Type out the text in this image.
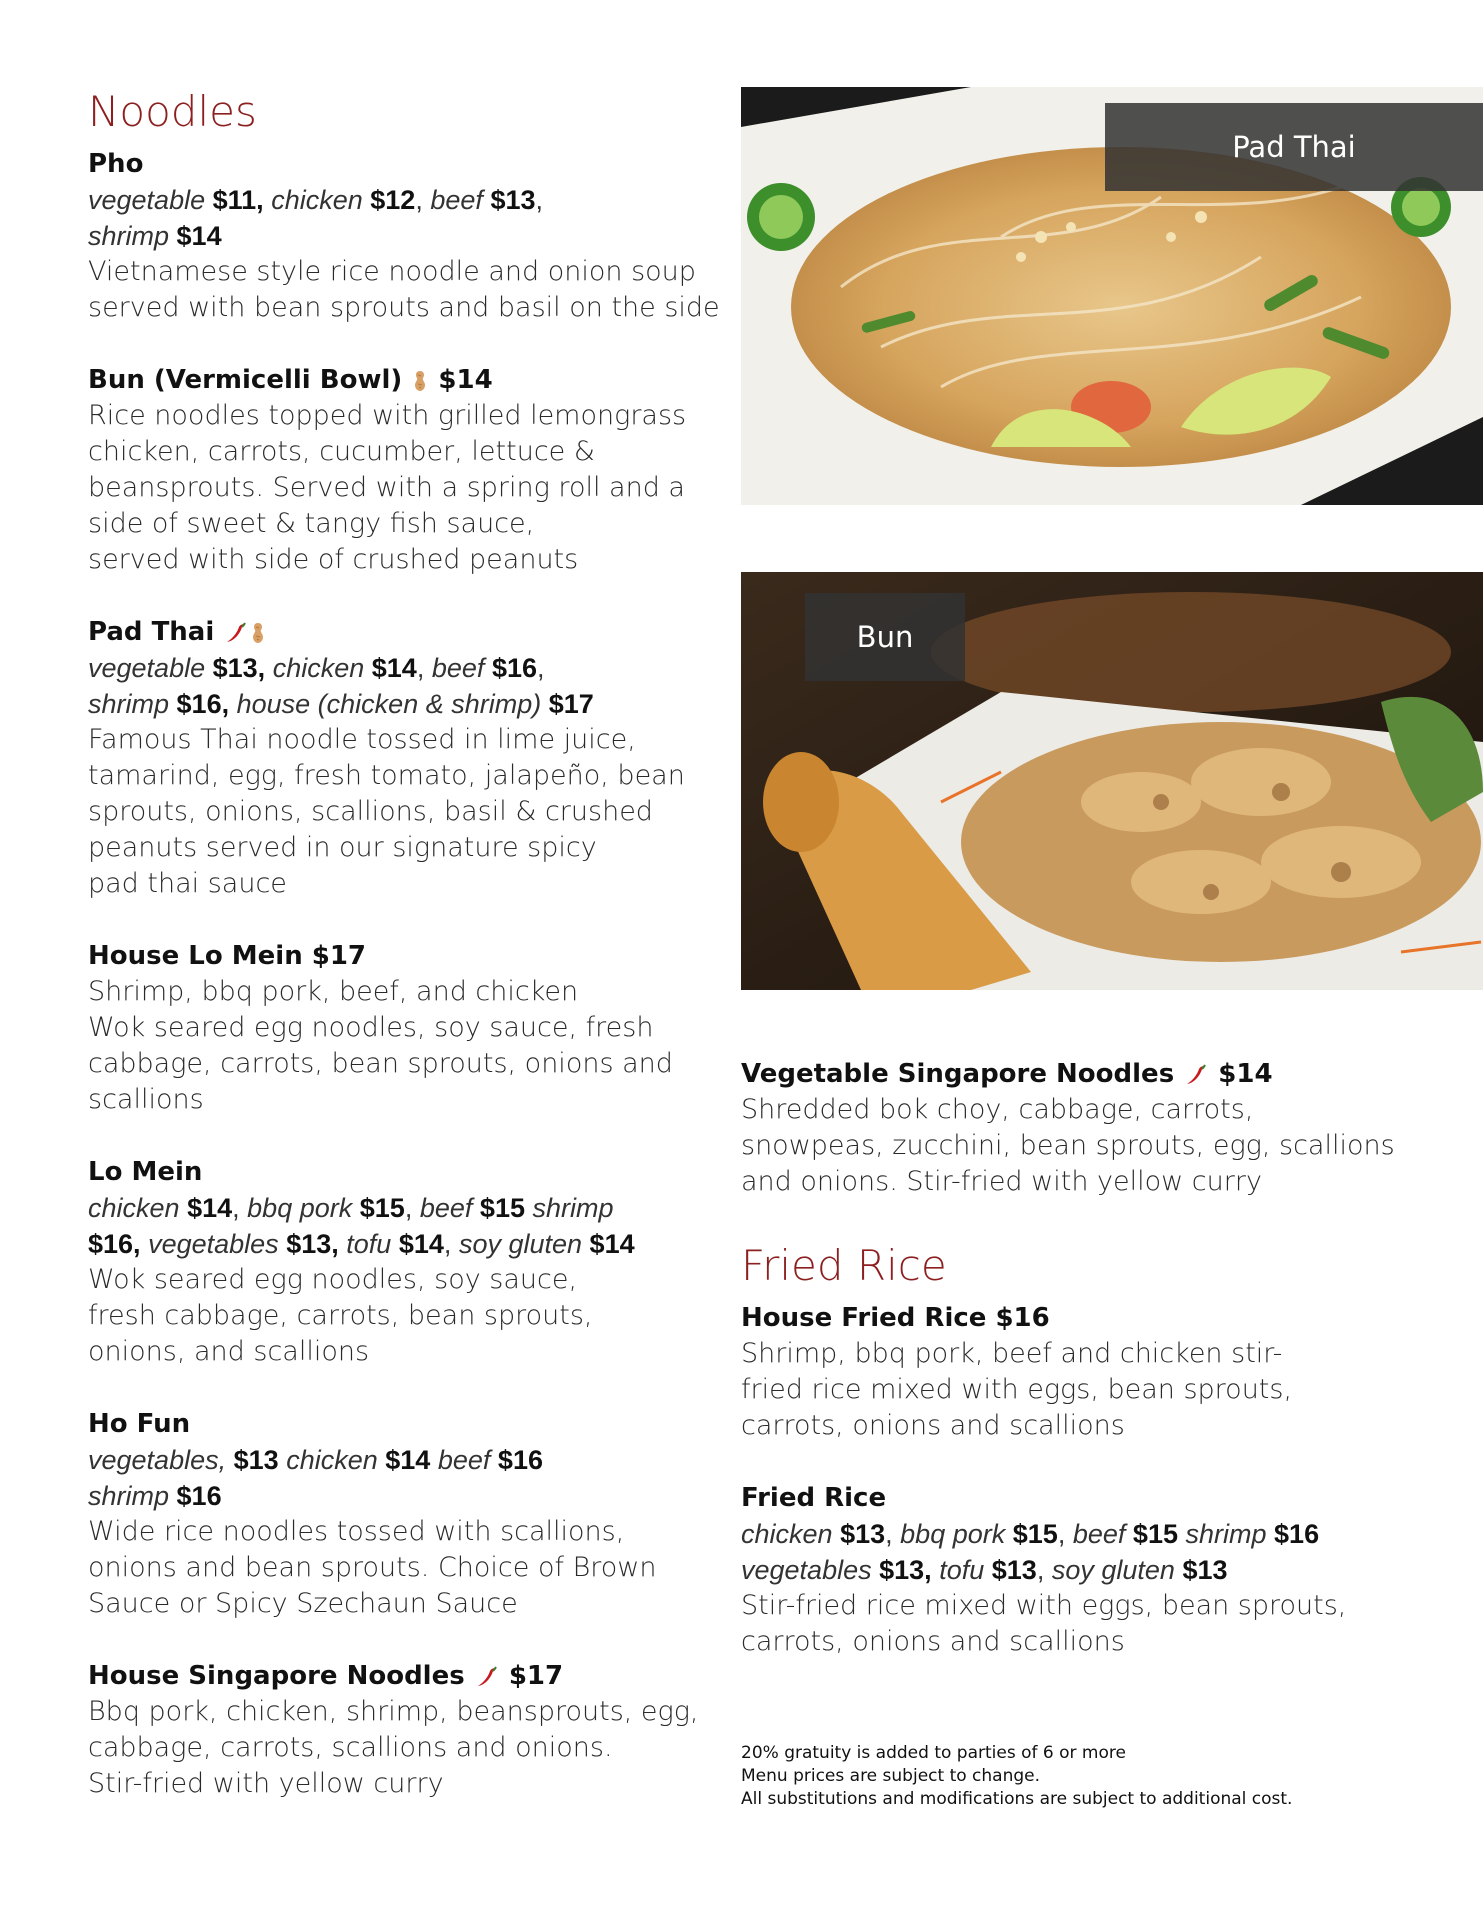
Noodles
Pho
vegetable $11, chicken $12, beef $13,
shrimp $14
Vietnamese style rice noodle and onion soup
served with bean sprouts and basil on the side
Bun (Vermicelli Bowl) $14
Rice noodles topped with grilled lemongrass
chicken, carrots, cucumber, lettuce &
beansprouts. Served with a spring roll and a
side of sweet & tangy fish sauce,
served with side of crushed peanuts
Pad Thai
vegetable $13, chicken $14, beef $16,
shrimp $16, house (chicken & shrimp) $17
Famous Thai noodle tossed in lime juice,
tamarind, egg, fresh tomato, jalapeño, bean
sprouts, onions, scallions, basil & crushed
peanuts served in our signature spicy
pad thai sauce
House Lo Mein $17
Shrimp, bbq pork, beef, and chicken
Wok seared egg noodles, soy sauce, fresh
cabbage, carrots, bean sprouts, onions and
scallions
Lo Mein
chicken $14, bbq pork $15, beef $15 shrimp
$16, vegetables $13, tofu $14, soy gluten $14
Wok seared egg noodles, soy sauce,
fresh cabbage, carrots, bean sprouts,
onions, and scallions
Ho Fun
vegetables, $13 chicken $14 beef $16
shrimp $16
Wide rice noodles tossed with scallions,
onions and bean sprouts. Choice of Brown
Sauce or Spicy Szechaun Sauce
House Singapore Noodles $17
Bbq pork, chicken, shrimp, beansprouts, egg,
cabbage, carrots, scallions and onions.
Stir-fried with yellow curry
Pad Thai
Bun
Vegetable Singapore Noodles $14
Shredded bok choy, cabbage, carrots,
snowpeas, zucchini, bean sprouts, egg, scallions
and onions. Stir-fried with yellow curry
Fried Rice
House Fried Rice $16
Shrimp, bbq pork, beef and chicken stir-
fried rice mixed with eggs, bean sprouts,
carrots, onions and scallions
Fried Rice
chicken $13, bbq pork $15, beef $15 shrimp $16
vegetables $13, tofu $13, soy gluten $13
Stir-fried rice mixed with eggs, bean sprouts,
carrots, onions and scallions
20% gratuity is added to parties of 6 or more
Menu prices are subject to change.
All substitutions and modifications are subject to additional cost.
